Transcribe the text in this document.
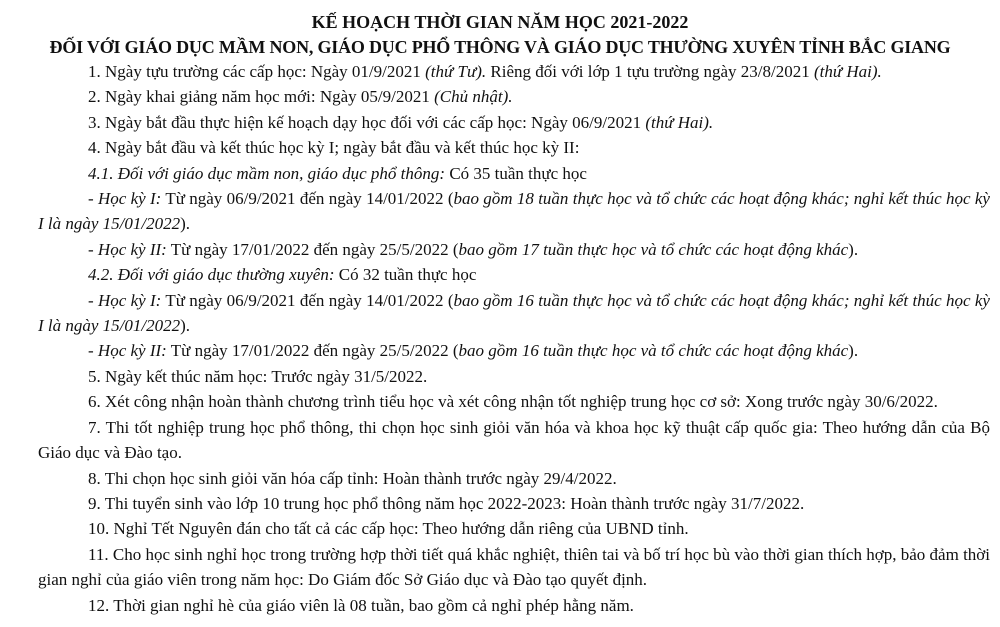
KẾ HOẠCH THỜI GIAN NĂM HỌC 2021-2022

ĐỐI VỚI GIÁO DỤC MẦM NON, GIÁO DỤC PHỔ THÔNG VÀ GIÁO DỤC THƯỜNG XUYÊN TỈNH BẮC GIANG

1. Ngày tựu trường các cấp học: Ngày 01/9/2021 (thứ Tư). Riêng đối với lớp 1 tựu trường ngày 23/8/2021 (thứ Hai).

2. Ngày khai giảng năm học mới: Ngày 05/9/2021 (Chủ nhật).

3. Ngày bắt đầu thực hiện kế hoạch dạy học đối với các cấp học: Ngày 06/9/2021 (thứ Hai).

4. Ngày bắt đầu và kết thúc học kỳ I; ngày bắt đầu và kết thúc học kỳ II:

4.1. Đối với giáo dục mầm non, giáo dục phổ thông: Có 35 tuần thực học

- Học kỳ I: Từ ngày 06/9/2021 đến ngày 14/01/2022 (bao gồm 18 tuần thực học và tổ chức các hoạt động khác; nghỉ kết thúc học kỳ I là ngày 15/01/2022).

- Học kỳ II: Từ ngày 17/01/2022 đến ngày 25/5/2022 (bao gồm 17 tuần thực học và tổ chức các hoạt động khác).

4.2. Đối với giáo dục thường xuyên: Có 32 tuần thực học

- Học kỳ I: Từ ngày 06/9/2021 đến ngày 14/01/2022 (bao gồm 16 tuần thực học và tổ chức các hoạt động khác; nghỉ kết thúc học kỳ I là ngày 15/01/2022).

- Học kỳ II: Từ ngày 17/01/2022 đến ngày 25/5/2022 (bao gồm 16 tuần thực học và tổ chức các hoạt động khác).

5. Ngày kết thúc năm học: Trước ngày 31/5/2022.

6. Xét công nhận hoàn thành chương trình tiểu học và xét công nhận tốt nghiệp trung học cơ sở: Xong trước ngày 30/6/2022.

7. Thi tốt nghiệp trung học phổ thông, thi chọn học sinh giỏi văn hóa và khoa học kỹ thuật cấp quốc gia: Theo hướng dẫn của Bộ Giáo dục và Đào tạo.

8. Thi chọn học sinh giỏi văn hóa cấp tỉnh: Hoàn thành trước ngày 29/4/2022.

9. Thi tuyển sinh vào lớp 10 trung học phổ thông năm học 2022-2023: Hoàn thành trước ngày 31/7/2022.

10. Nghỉ Tết Nguyên đán cho tất cả các cấp học: Theo hướng dẫn riêng của UBND tỉnh.

11. Cho học sinh nghỉ học trong trường hợp thời tiết quá khắc nghiệt, thiên tai và bố trí học bù vào thời gian thích hợp, bảo đảm thời gian nghỉ của giáo viên trong năm học: Do Giám đốc Sở Giáo dục và Đào tạo quyết định.

12. Thời gian nghỉ hè của giáo viên là 08 tuần, bao gồm cả nghỉ phép hằng năm.
